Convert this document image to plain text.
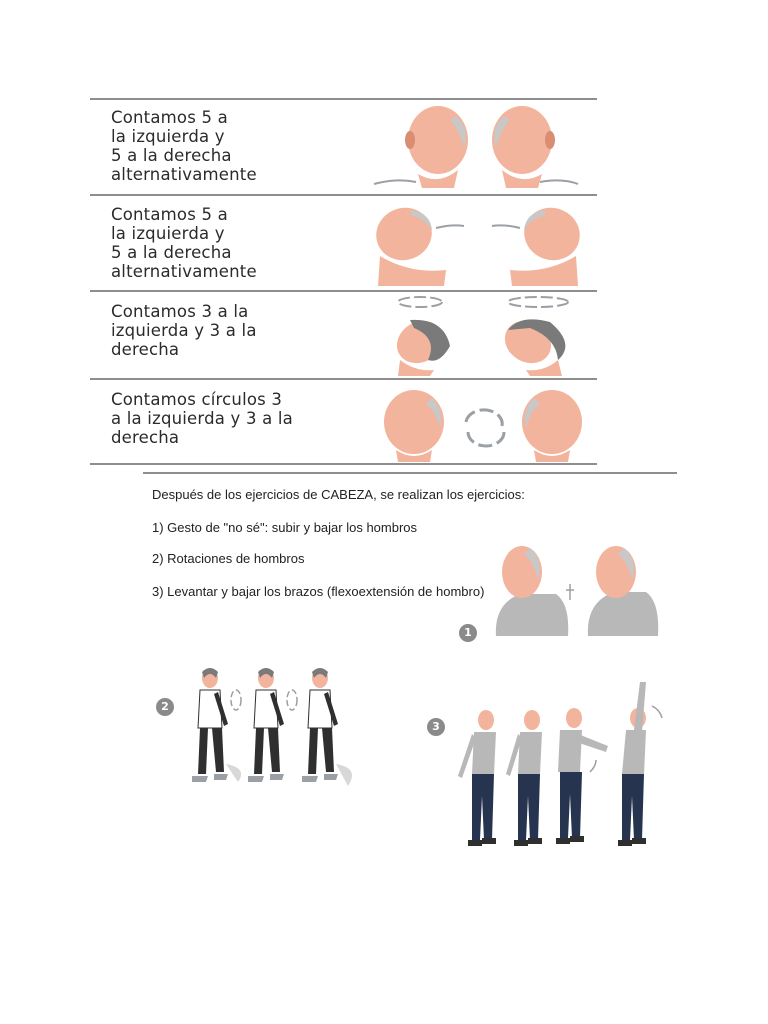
Contamos 5 a
la izquierda y
5 a la derecha
alternativamente
Contamos 5 a
la izquierda y
5 a la derecha
alternativamente
Contamos 3 a la
izquierda y 3 a la
derecha
Contamos círculos 3
a la izquierda y 3 a la
derecha
Después de los ejercicios de CABEZA, se realizan los ejercicios:
1) Gesto de "no sé": subir y bajar los hombros
2) Rotaciones de hombros
3) Levantar y bajar los brazos (flexoextensión de hombro)
1
2
3
